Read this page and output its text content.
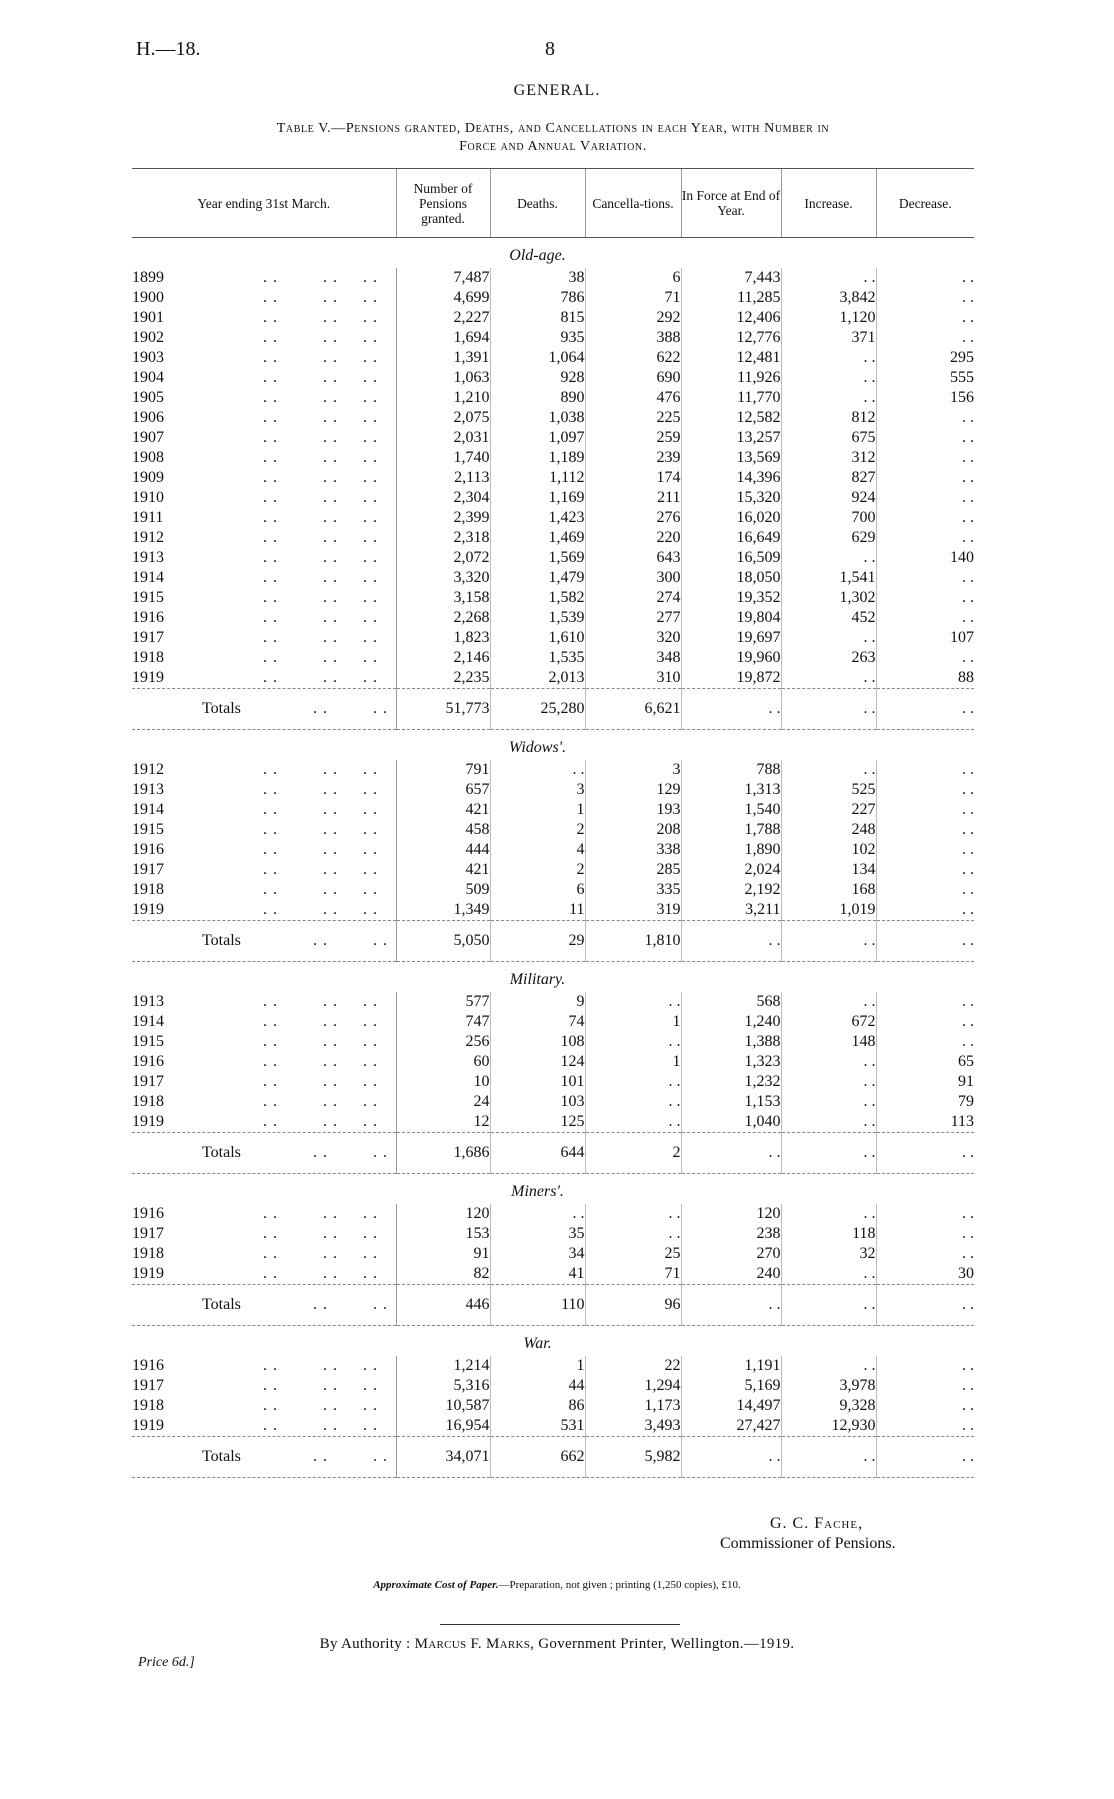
H.—18.	8
GENERAL.
Table V.—Pensions granted, Deaths, and Cancellations in each Year, with Number in
Force and Annual Variation.
Year ending 31st March.	Number of Pensions granted.	Deaths.	Cancella-tions.	In Force at End of Year.	Increase.	Decrease.
		Old-age.				
1899 . . . . . .	7,487	38	6	7,443	. .	. .
1900 . . . . . .	4,699	786	71	11,285	3,842	. .
1901 . . . . . .	2,227	815	292	12,406	1,120	. .
1902 . . . . . .	1,694	935	388	12,776	371	. .
1903 . . . . . .	1,391	1,064	622	12,481	. .	295
1904 . . . . . .	1,063	928	690	11,926	. .	555
1905 . . . . . .	1,210	890	476	11,770	. .	156
1906 . . . . . .	2,075	1,038	225	12,582	812	. .
1907 . . . . . .	2,031	1,097	259	13,257	675	. .
1908 . . . . . .	1,740	1,189	239	13,569	312	. .
1909 . . . . . .	2,113	1,112	174	14,396	827	. .
1910 . . . . . .	2,304	1,169	211	15,320	924	. .
1911 . . . . . .	2,399	1,423	276	16,020	700	. .
1912 . . . . . .	2,318	1,469	220	16,649	629	. .
1913 . . . . . .	2,072	1,569	643	16,509	. .	140
1914 . . . . . .	3,320	1,479	300	18,050	1,541	. .
1915 . . . . . .	3,158	1,582	274	19,352	1,302	. .
1916 . . . . . .	2,268	1,539	277	19,804	452	. .
1917 . . . . . .	1,823	1,610	320	19,697	. .	107
1918 . . . . . .	2,146	1,535	348	19,960	263	. .
1919 . . . . . .	2,235	2,013	310	19,872	. .	88
Totals . . . .	51,773	25,280	6,621	. .	. .	. .
		Widows'.				
1912 . . . . . .	791	. .	3	788	. .	. .
1913 . . . . . .	657	3	129	1,313	525	. .
1914 . . . . . .	421	1	193	1,540	227	. .
1915 . . . . . .	458	2	208	1,788	248	. .
1916 . . . . . .	444	4	338	1,890	102	. .
1917 . . . . . .	421	2	285	2,024	134	. .
1918 . . . . . .	509	6	335	2,192	168	. .
1919 . . . . . .	1,349	11	319	3,211	1,019	. .
Totals . . . .	5,050	29	1,810	. .	. .	. .
		Military.				
1913 . . . . . .	577	9	. .	568	. .	. .
1914 . . . . . .	747	74	1	1,240	672	. .
1915 . . . . . .	256	108	. .	1,388	148	. .
1916 . . . . . .	60	124	1	1,323	. .	65
1917 . . . . . .	10	101	. .	1,232	. .	91
1918 . . . . . .	24	103	. .	1,153	. .	79
1919 . . . . . .	12	125	. .	1,040	. .	113
Totals . . . .	1,686	644	2	. .	. .	. .
		Miners'.				
1916 . . . . . .	120	. .	. .	120	. .	. .
1917 . . . . . .	153	35	. .	238	118	. .
1918 . . . . . .	91	34	25	270	32	. .
1919 . . . . . .	82	41	71	240	. .	30
Totals . . . .	446	110	96	. .	. .	. .
		War.				
1916 . . . . . .	1,214	1	22	1,191	. .	. .
1917 . . . . . .	5,316	44	1,294	5,169	3,978	. .
1918 . . . . . .	10,587	86	1,173	14,497	9,328	. .
1919 . . . . . .	16,954	531	3,493	27,427	12,930	. .
Totals . . . .	34,071	662	5,982	. .	. .	. .
G. C. Fache,
Commissioner of Pensions.
Approximate Cost of Paper.—Preparation, not given ; printing (1,250 copies), £10.
By Authority : Marcus F. Marks, Government Printer, Wellington.—1919.
Price 6d.]
